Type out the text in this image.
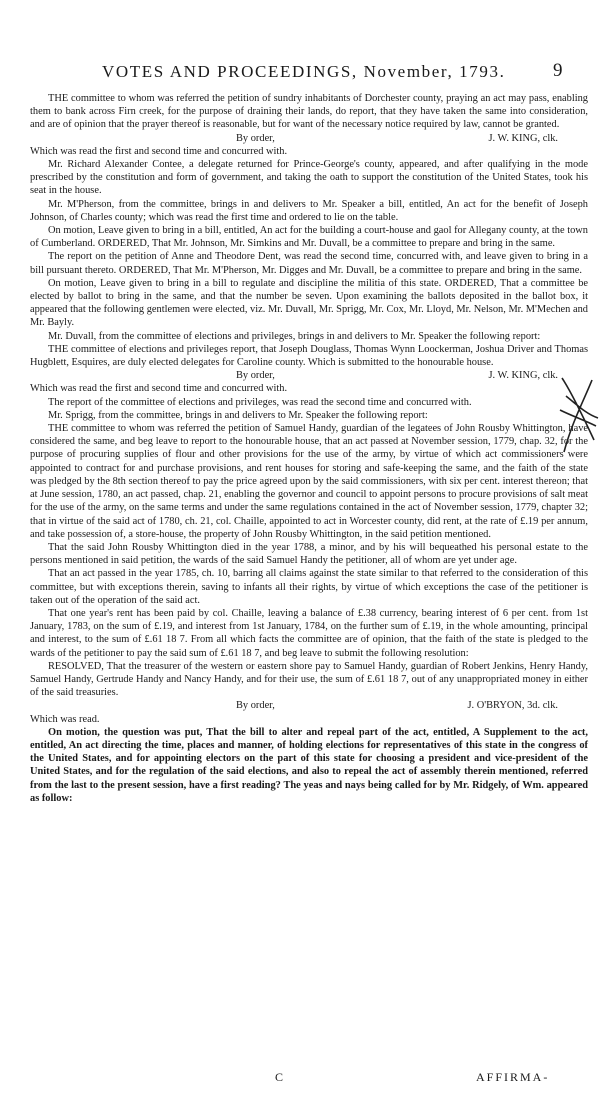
VOTES AND PROCEEDINGS, November, 1793.	9

THE committee to whom was referred the petition of sundry inhabitants of Dorchester county, praying an act may pass, enabling them to bank across Firn creek, for the purpose of draining their lands, do report, that they have taken the same into consideration, and are of opinion that the prayer thereof is reasonable, but for want of the necessary notice required by law, cannot be granted.

By order,	J. W. KING, clk.

Which was read the first and second time and concurred with.

Mr. Richard Alexander Contee, a delegate returned for Prince-George's county, appeared, and after qualifying in the mode prescribed by the constitution and form of government, and taking the oath to support the constitution of the United States, took his seat in the house.

Mr. M'Pherson, from the committee, brings in and delivers to Mr. Speaker a bill, entitled, An act for the benefit of Joseph Johnson, of Charles county; which was read the first time and ordered to lie on the table.

On motion, Leave given to bring in a bill, entitled, An act for the building a court-house and gaol for Allegany county, at the town of Cumberland. ORDERED, That Mr. Johnson, Mr. Simkins and Mr. Duvall, be a committee to prepare and bring in the same.

The report on the petition of Anne and Theodore Dent, was read the second time, concurred with, and leave given to bring in a bill pursuant thereto. ORDERED, That Mr. M'Pherson, Mr. Digges and Mr. Duvall, be a committee to prepare and bring in the same.

On motion, Leave given to bring in a bill to regulate and discipline the militia of this state. ORDERED, That a committee be elected by ballot to bring in the same, and that the number be seven. Upon examining the ballots deposited in the ballot box, it appeared that the following gentlemen were elected, viz. Mr. Duvall, Mr. Sprigg, Mr. Cox, Mr. Lloyd, Mr. Nelson, Mr. M'Mechen and Mr. Bayly.

Mr. Duvall, from the committee of elections and privileges, brings in and delivers to Mr. Speaker the following report:

THE committee of elections and privileges report, that Joseph Douglass, Thomas Wynn Loockerman, Joshua Driver and Thomas Hugblett, Esquires, are duly elected delegates for Caroline county. Which is submitted to the honourable house.

By order,	J. W. KING, clk.

Which was read the first and second time and concurred with.

The report of the committee of elections and privileges, was read the second time and concurred with.

Mr. Sprigg, from the committee, brings in and delivers to Mr. Speaker the following report:

THE committee to whom was referred the petition of Samuel Handy, guardian of the legatees of John Rousby Whittington, have considered the same, and beg leave to report to the honourable house, that an act passed at November session, 1779, chap. 32, for the purpose of procuring supplies of flour and other provisions for the use of the army, by virtue of which act commissioners were appointed to contract for and purchase provisions, and rent houses for storing and safe-keeping the same, and the faith of the state was pledged by the 8th section thereof to pay the price agreed upon by the said commissioners, with six per cent. interest thereon; that at June session, 1780, an act passed, chap. 21, enabling the governor and council to appoint persons to procure provisions of salt meat for the use of the army, on the same terms and under the same regulations contained in the act of November session, 1779, chapter 32; that in virtue of the said act of 1780, ch. 21, col. Chaille, appointed to act in Worcester county, did rent, at the rate of £.19 per annum, and take possession of, a store-house, the property of John Rousby Whittington, in the said petition mentioned.

That the said John Rousby Whittington died in the year 1788, a minor, and by his will bequeathed his personal estate to the persons mentioned in said petition, the wards of the said Samuel Handy the petitioner, all of whom are yet under age.

That an act passed in the year 1785, ch. 10, barring all claims against the state similar to that referred to the consideration of this committee, but with exceptions therein, saving to infants all their rights, by virtue of which exceptions the case of the petitioner is taken out of the operation of the said act.

That one year's rent has been paid by col. Chaille, leaving a balance of £.38 currency, bearing interest of 6 per cent. from 1st January, 1783, on the sum of £.19, and interest from 1st January, 1784, on the further sum of £.19, in the whole amounting, principal and interest, to the sum of £.61 18 7. From all which facts the committee are of opinion, that the faith of the state is pledged to the wards of the petitioner to pay the said sum of £.61 18 7, and beg leave to submit the following resolution:

RESOLVED, That the treasurer of the western or eastern shore pay to Samuel Handy, guardian of Robert Jenkins, Henry Handy, Samuel Handy, Gertrude Handy and Nancy Handy, and for their use, the sum of £.61 18 7, out of any unappropriated money in either of the said treasuries.

By order,	J. O'BRYON, 3d. clk.

Which was read.

On motion, the question was put, That the bill to alter and repeal part of the act, entitled, A Supplement to the act, entitled, An act directing the time, places and manner, of holding elections for representatives of this state in the congress of the United States, and for appointing electors on the part of this state for choosing a president and vice-president of the United States, and for the regulation of the said elections, and also to repeal the act of assembly therein mentioned, referred from the last to the present session, have a first reading? The yeas and nays being called for by Mr. Ridgely, of Wm. appeared as follow:

C	AFFIRMA-
